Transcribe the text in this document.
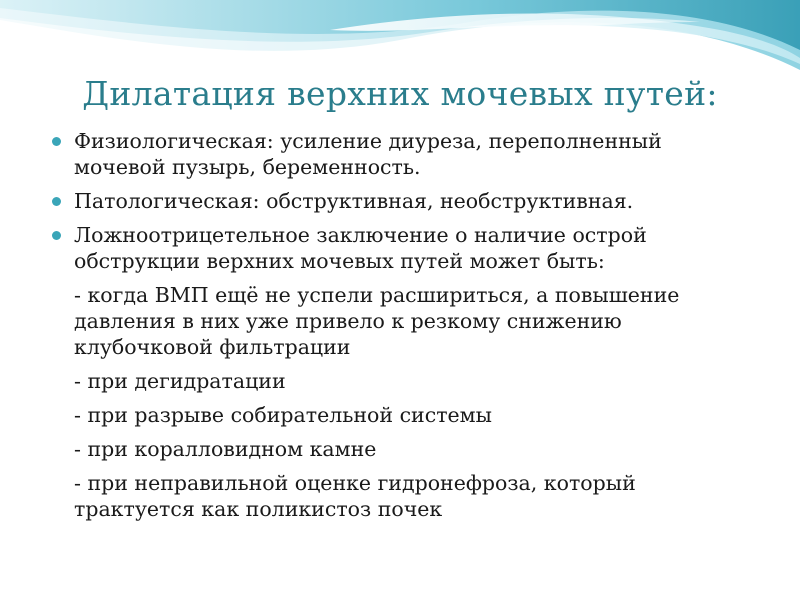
Дилатация верхних мочевых путей:
Физиологическая: усиление диуреза, переполненный мочевой пузырь, беременность.
Патологическая: обструктивная, необструктивная.
Ложноотрицетельное заключение о наличие острой обструкции верхних мочевых путей может быть:
- когда ВМП ещё не успели расшириться, а повышение давления в них уже привело к резкому снижению клубочковой фильтрации
- при дегидратации
- при разрыве собирательной системы
- при коралловидном камне
- при неправильной оценке гидронефроза, который трактуется как поликистоз почек
